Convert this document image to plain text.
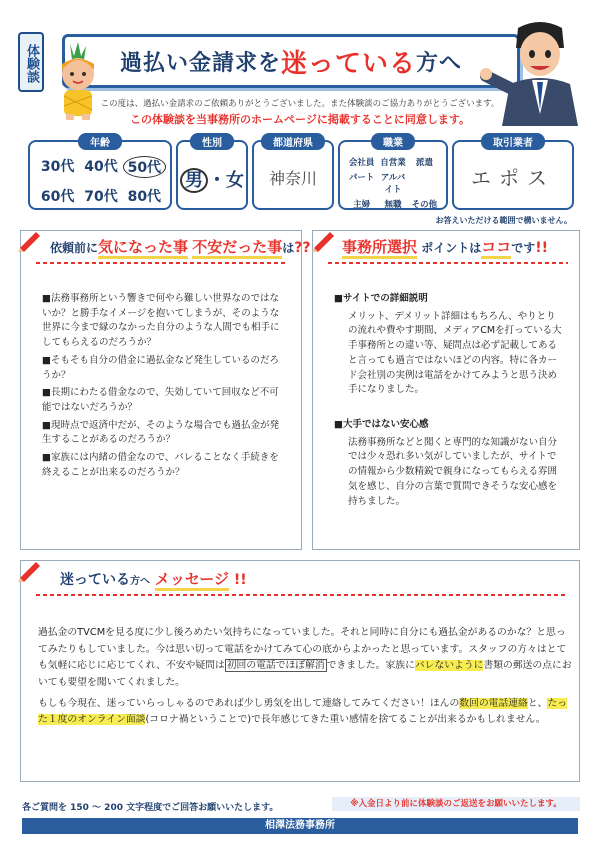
体験談	過払い金請求を 迷っている 方へ
この度は、過払い金請求のご依頼ありがとうございました。また体験談のご協力ありがとうございます。
この体験談を当事務所のホームページに掲載することに同意します。
年齢
30代 40代 50代
60代 70代 80代
性別
男 ・女
都道府県
神奈川
職業
会社員 自営業	派遣
パート アルバイト
主婦	無職	その他
取引業者
エポス
お答えいただける範囲で構いません。
依頼前に気になった事 不安だった事は??

■法務事務所という響きで何やら難しい世界なのではないか？と勝手なイメージを抱いてしまうが、そのような世界に今まで縁のなかった自分のような人間でも相手にしてもらえるのだろうか？

■そもそも自分の借金に過払金など発生しているのだろうか？

■長期にわたる借金なので、失効していて回収など不可能ではないだろうか？

■現時点で返済中だが、そのような場合でも過払金が発生することがあるのだろうか？

■家族には内緒の借金なので、バレることなく手続きを終えることが出来るのだろうか？

事務所選択 ポイントはココです!!
■サイトでの詳細説明
メリット、デメリット詳細はもちろん、やりとりの流れや費やす期間、メディアCMを打っている大手事務所との違い等、疑問点は必ず記載してあると言っても過言ではないほどの内容。特に各カード会社別の実例は電話をかけてみようと思う決め手になりました。
■大手ではない安心感
法務事務所などと聞くと専門的な知識がない自分では少々恐れ多い気がしていましたが、サイトでの情報から少数精鋭で親身になってもらえる雰囲気を感じ、自分の言葉で質問できそうな安心感を持ちました。
迷っている方へ メッセージ !!

過払金のTVCMを見る度に少し後ろめたい気持ちになっていました。それと同時に自分にも過払金があるのかな？と思ってみたりもしていました。今は思い切って電話をかけてみて心の底からよかったと思っています。スタッフの方々はとても気軽に応じに応じてくれ、不安や疑問は 初回の電話でほぼ解消 できました。家族にバレないように書類の郵送の点においても要望を聞いてくれました。

もしも今現在、迷っていらっしゃるのであれば少し勇気を出して連絡してみてください！ほんの数回の電話連絡と、たった１度のオンライン面談(コロナ禍ということで)で長年感じてきた重い感情を捨てることが出来るかもしれません。

各ご質問を 150 〜 200 文字程度でご回答お願いいたします。	※入金日より前に体験談のご返送をお願いいたします。
相澤法務事務所
